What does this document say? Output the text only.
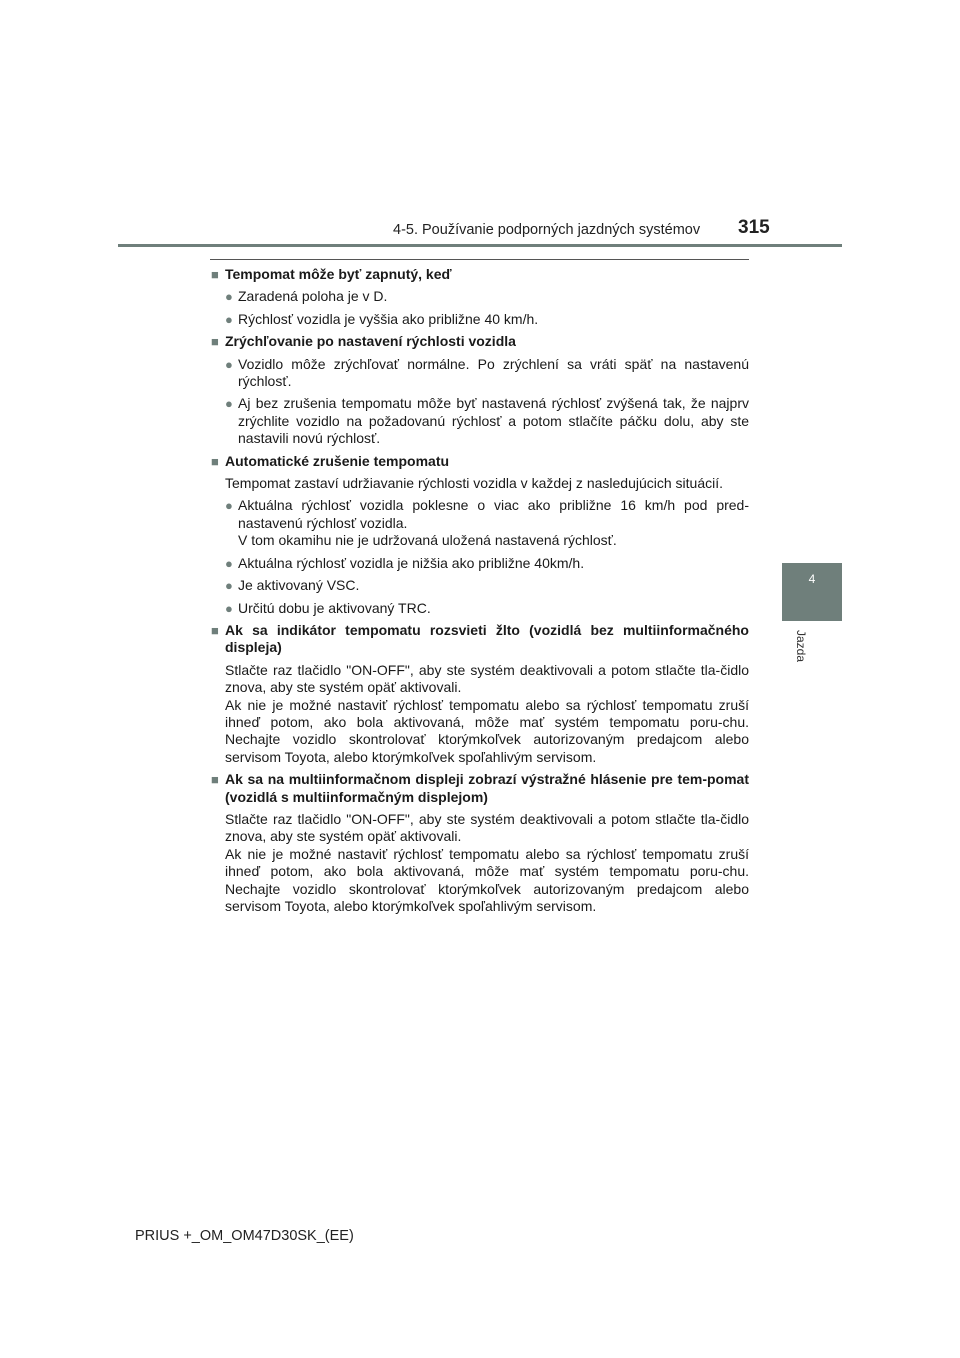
4-5. Používanie podporných jazdných systémov 315
4
Jazda
■ Tempomat môže byť zapnutý, keď
● Zaradená poloha je v D.
● Rýchlosť vozidla je vyššia ako približne 40 km/h.
■ Zrýchľovanie po nastavení rýchlosti vozidla
● Vozidlo môže zrýchľovať normálne. Po zrýchlení sa vráti späť na nastavenú rýchlosť.
● Aj bez zrušenia tempomatu môže byť nastavená rýchlosť zvýšená tak, že najprv zrýchlite vozidlo na požadovanú rýchlosť a potom stlačíte páčku dolu, aby ste nastavili novú rýchlosť.
■ Automatické zrušenie tempomatu
Tempomat zastaví udržiavanie rýchlosti vozidla v každej z nasledujúcich situácií.
● Aktuálna rýchlosť vozidla poklesne o viac ako približne 16 km/h pod pred-nastavenú rýchlosť vozidla.
V tom okamihu nie je udržovaná uložená nastavená rýchlosť.
● Aktuálna rýchlosť vozidla je nižšia ako približne 40km/h.
● Je aktivovaný VSC.
● Určitú dobu je aktivovaný TRC.
■ Ak sa indikátor tempomatu rozsvieti žlto (vozidlá bez multiinformačného displeja)
Stlačte raz tlačidlo "ON-OFF", aby ste systém deaktivovali a potom stlačte tla-čidlo znova, aby ste systém opäť aktivovali.
Ak nie je možné nastaviť rýchlosť tempomatu alebo sa rýchlosť tempomatu zruší ihneď potom, ako bola aktivovaná, môže mať systém tempomatu poru-chu. Nechajte vozidlo skontrolovať ktorýmkoľvek autorizovaným predajcom alebo servisom Toyota, alebo ktorýmkoľvek spoľahlivým servisom.
■ Ak sa na multiinformačnom displeji zobrazí výstražné hlásenie pre tem-pomat (vozidlá s multiinformačným displejom)
Stlačte raz tlačidlo "ON-OFF", aby ste systém deaktivovali a potom stlačte tla-čidlo znova, aby ste systém opäť aktivovali.
Ak nie je možné nastaviť rýchlosť tempomatu alebo sa rýchlosť tempomatu zruší ihneď potom, ako bola aktivovaná, môže mať systém tempomatu poru-chu. Nechajte vozidlo skontrolovať ktorýmkoľvek autorizovaným predajcom alebo servisom Toyota, alebo ktorýmkoľvek spoľahlivým servisom.
PRIUS +_OM_OM47D30SK_(EE)
